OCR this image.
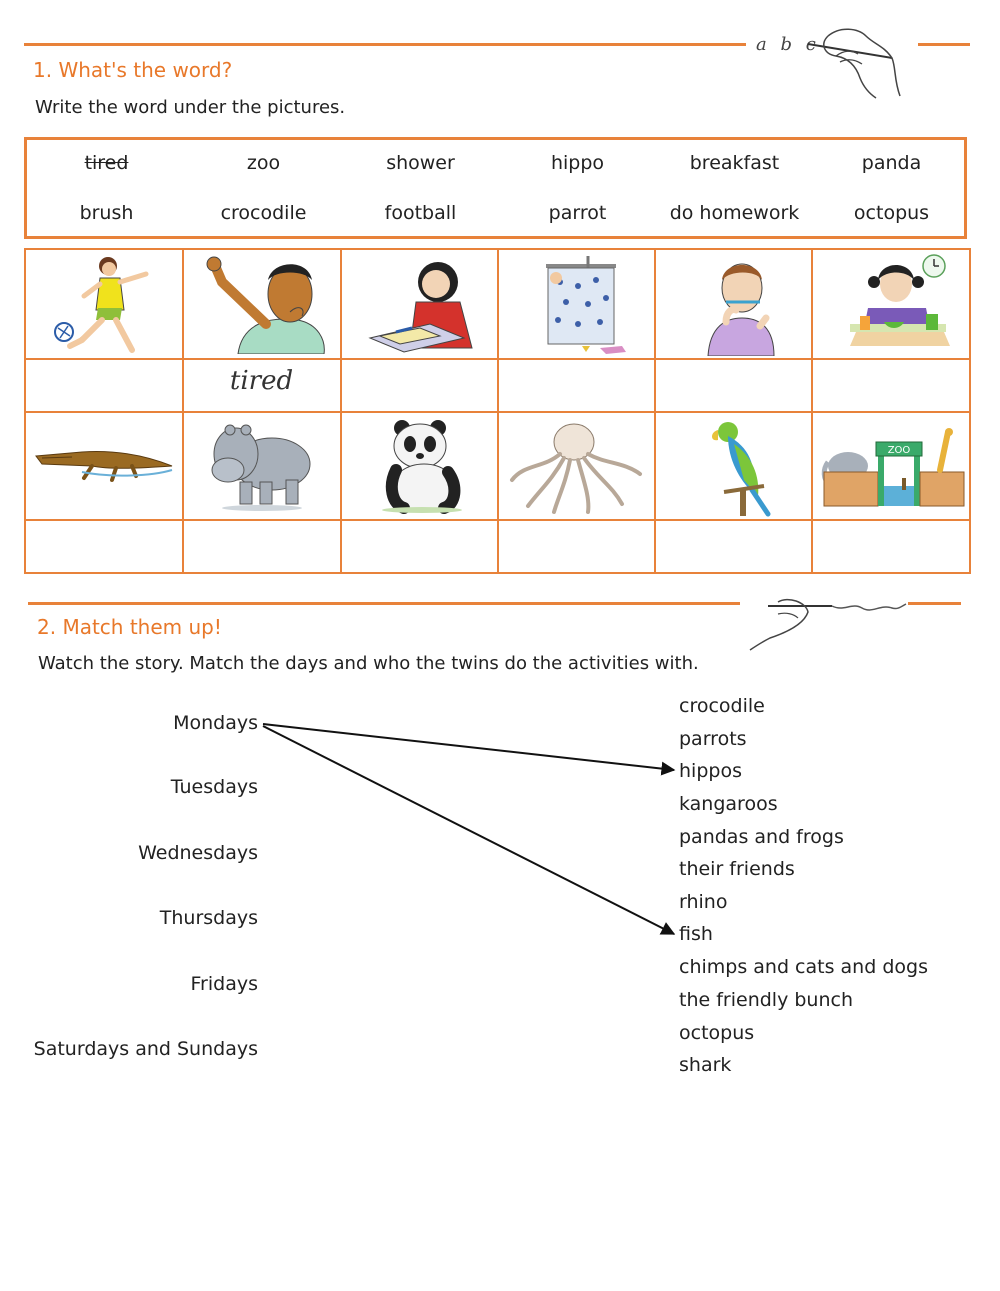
a b c
1. What's the word?
Write the word under the pictures.
tired	zoo	shower	hippo	breakfast	panda
brush	crocodile	football	parrot	do homework	octopus
tired
ZOO
2. Match them up!
Watch the story. Match the days and who the twins do the activities with.
Mondays
Tuesdays
Wednesdays
Thursdays
Fridays
Saturdays and Sundays
crocodile
parrots
hippos
kangaroos
pandas and frogs
their friends
rhino
fish
chimps and cats and dogs
the friendly bunch
octopus
shark
